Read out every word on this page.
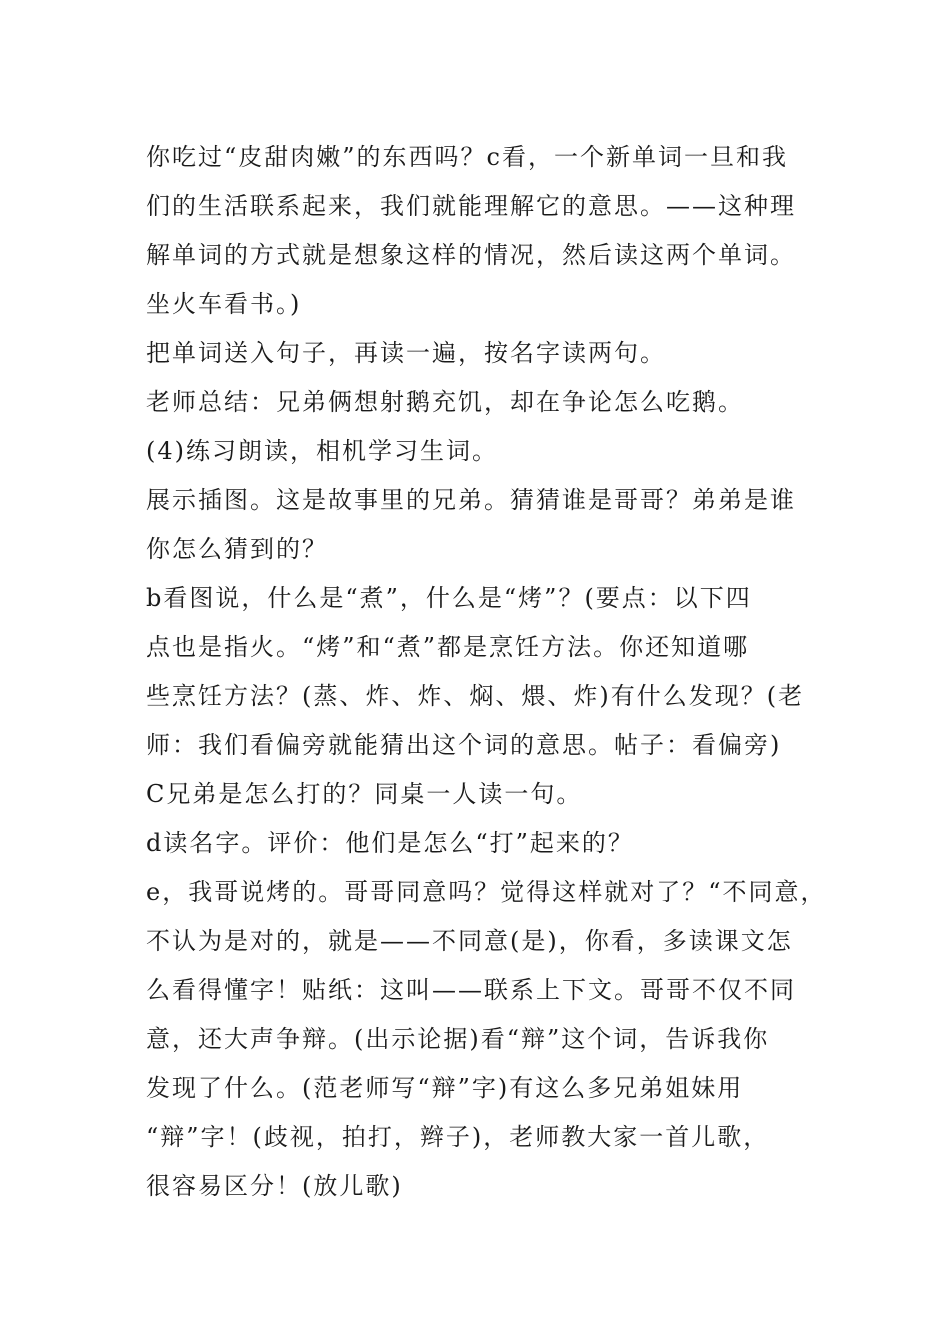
你吃过“皮甜肉嫩”的东西吗？c看，一个新单词一旦和我
们的生活联系起来，我们就能理解它的意思。——这种理
解单词的方式就是想象这样的情况，然后读这两个单词。
坐火车看书。)
把单词送入句子，再读一遍，按名字读两句。
老师总结：兄弟俩想射鹅充饥，却在争论怎么吃鹅。
(4)练习朗读，相机学习生词。
展示插图。这是故事里的兄弟。猜猜谁是哥哥？弟弟是谁
你怎么猜到的？
b看图说，什么是“煮”，什么是“烤”？(要点：以下四
点也是指火。“烤”和“煮”都是烹饪方法。你还知道哪
些烹饪方法？(蒸、炸、炸、焖、煨、炸)有什么发现？(老
师：我们看偏旁就能猜出这个词的意思。帖子：看偏旁)
C兄弟是怎么打的？同桌一人读一句。
d读名字。评价：他们是怎么“打”起来的？
e，我哥说烤的。哥哥同意吗？觉得这样就对了？“不同意，
不认为是对的，就是——不同意(是)，你看，多读课文怎
么看得懂字！贴纸：这叫——联系上下文。哥哥不仅不同
意，还大声争辩。(出示论据)看“辩”这个词，告诉我你
发现了什么。(范老师写“辩”字)有这么多兄弟姐妹用
“辩”字！(歧视，拍打，辫子)，老师教大家一首儿歌，
很容易区分！(放儿歌)
